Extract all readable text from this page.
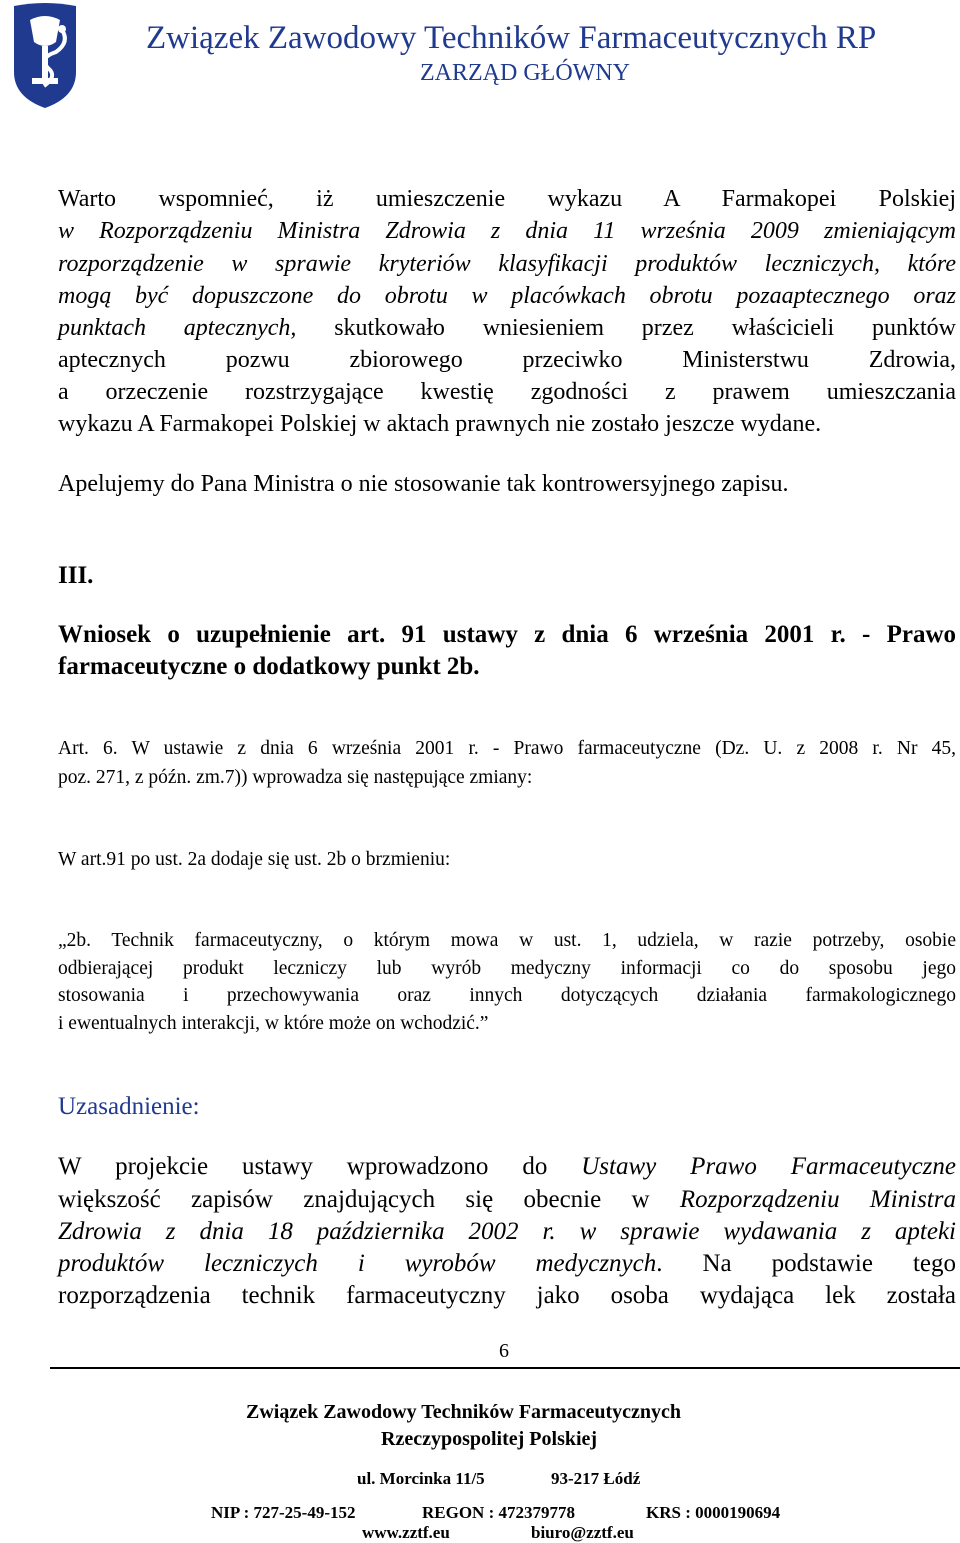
Związek Zawodowy Techników Farmaceutycznych RP
ZARZĄD GŁÓWNY
Warto wspomnieć, iż umieszczenie wykazu A Farmakopei Polskiej
w Rozporządzeniu Ministra Zdrowia z dnia 11 września 2009 zmieniającym
rozporządzenie w sprawie kryteriów klasyfikacji produktów leczniczych, które
mogą być dopuszczone do obrotu w placówkach obrotu pozaaptecznego oraz
punktach aptecznych, skutkowało wniesieniem przez właścicieli punktów
aptecznych pozwu zbiorowego przeciwko Ministerstwu Zdrowia,
a orzeczenie rozstrzygające kwestię zgodności z prawem umieszczania
wykazu A Farmakopei Polskiej w aktach prawnych nie zostało jeszcze wydane.
Apelujemy do Pana Ministra o nie stosowanie tak kontrowersyjnego zapisu.
III.
Wniosek o uzupełnienie art. 91 ustawy z dnia 6 września 2001 r. - Prawo
farmaceutyczne o dodatkowy punkt 2b.
Art. 6. W ustawie z dnia 6 września 2001 r. - Prawo farmaceutyczne (Dz. U. z 2008 r. Nr 45,
poz. 271, z późn. zm.7)) wprowadza się następujące zmiany:
W art.91 po ust. 2a dodaje się ust. 2b o brzmieniu:
„2b. Technik farmaceutyczny, o którym mowa w ust. 1, udziela, w razie potrzeby, osobie
odbierającej produkt leczniczy lub wyrób medyczny informacji co do sposobu jego
stosowania i przechowywania oraz innych dotyczących działania farmakologicznego
i ewentualnych interakcji, w które może on wchodzić.”
Uzasadnienie:
W projekcie ustawy wprowadzono do Ustawy Prawo Farmaceutyczne
większość zapisów znajdujących się obecnie w Rozporządzeniu Ministra
Zdrowia z dnia 18 października 2002 r. w sprawie wydawania z apteki
produktów leczniczych i wyrobów medycznych. Na podstawie tego
rozporządzenia technik farmaceutyczny jako osoba wydająca lek została
6
Związek Zawodowy Techników Farmaceutycznych
Rzeczypospolitej Polskiej
ul. Morcinka 11/5	93-217 Łódź
NIP : 727-25-49-152	REGON : 472379778	KRS : 0000190694
www.zztf.eu	biuro@zztf.eu
